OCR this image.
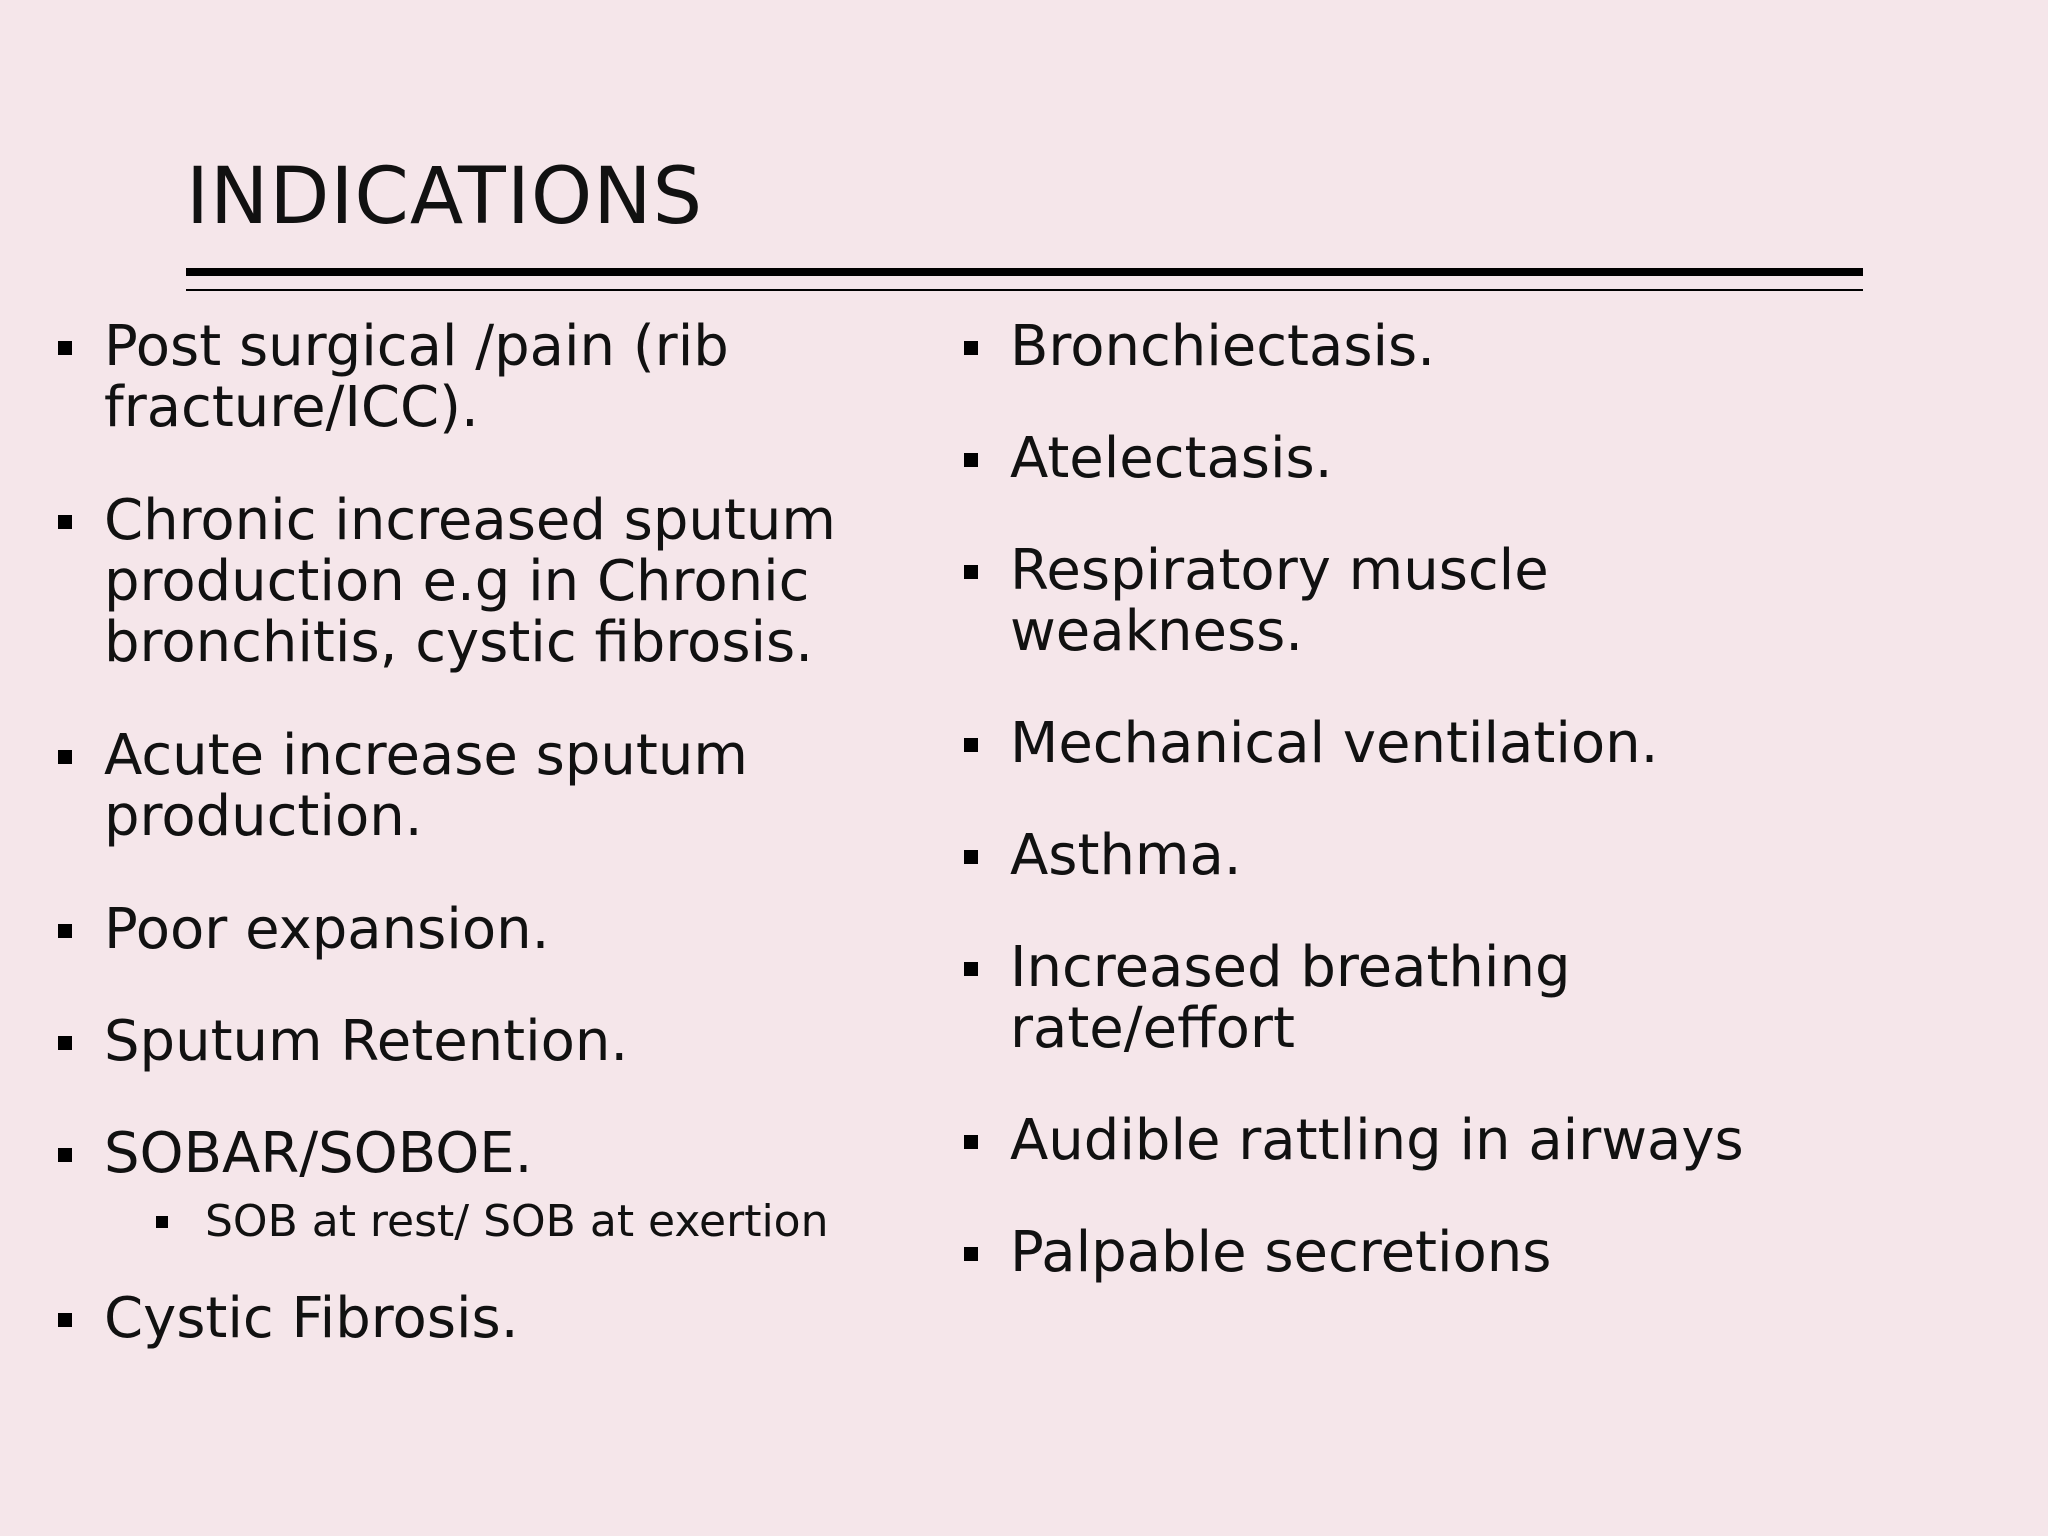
INDICATIONS
Post surgical /pain (rib fracture/ICC).
Chronic increased sputum production e.g in Chronic bronchitis, cystic fibrosis.
Acute increase sputum production.
Poor expansion.
Sputum Retention.
SOBAR/SOBOE.
SOB at rest/ SOB at exertion
Cystic Fibrosis.
Bronchiectasis.
Atelectasis.
Respiratory muscle weakness.
Mechanical ventilation.
Asthma.
Increased breathing rate/effort
Audible rattling in airways
Palpable secretions
